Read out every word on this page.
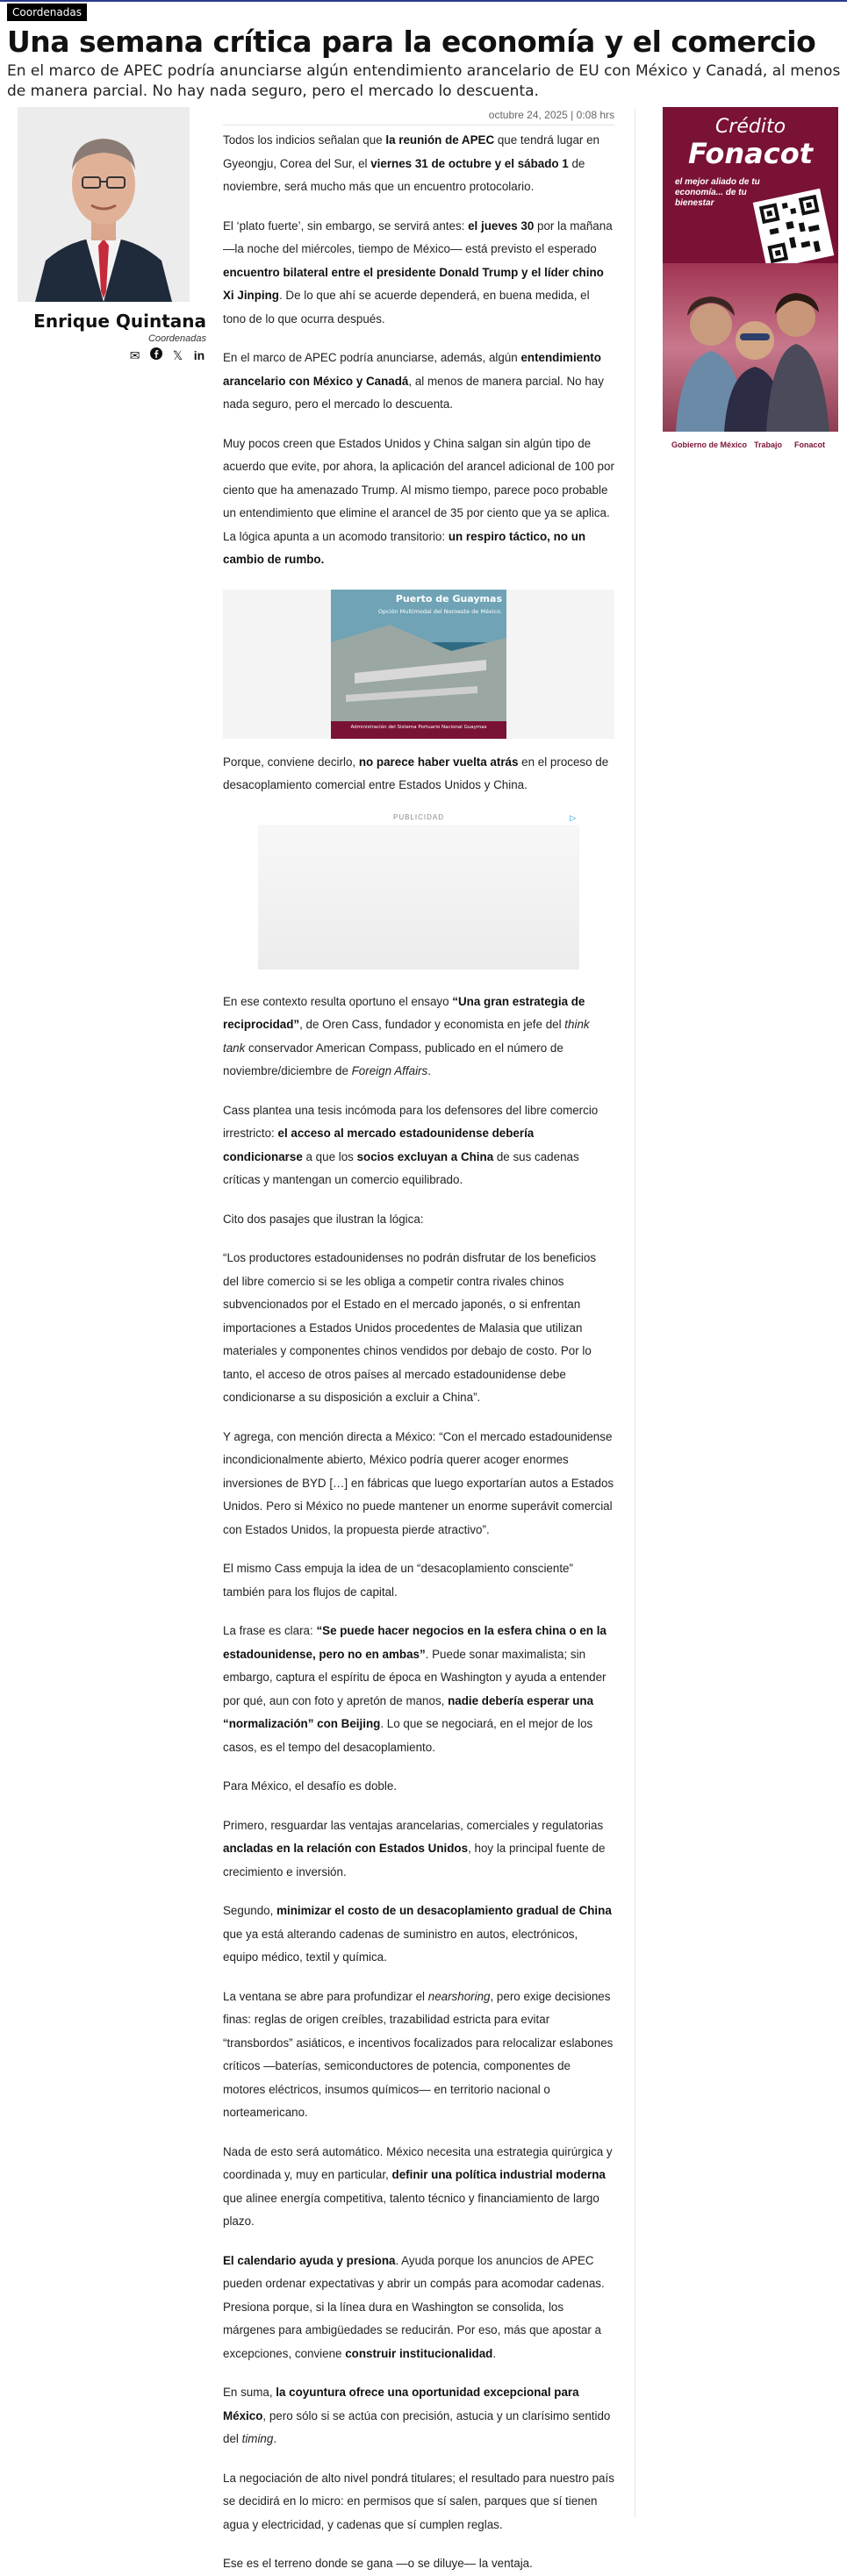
Coordenadas
Una semana crítica para la economía y el comercio

En el marco de APEC podría anunciarse algún entendimiento arancelario de EU con México y Canadá, al menos de manera parcial. No hay nada seguro, pero el mercado lo descuenta.

Enrique Quintana
Coordenadas
✉	𝕏 in
octubre 24, 2025 | 0:08 hrs

Todos los indicios señalan que la reunión de APEC que tendrá lugar en Gyeongju, Corea del Sur, el viernes 31 de octubre y el sábado 1 de noviembre, será mucho más que un encuentro protocolario.

El ‘plato fuerte’, sin embargo, se servirá antes: el jueves 30 por la mañana —la noche del miércoles, tiempo de México— está previsto el esperado encuentro bilateral entre el presidente Donald Trump y el líder chino Xi Jinping. De lo que ahí se acuerde dependerá, en buena medida, el tono de lo que ocurra después.

En el marco de APEC podría anunciarse, además, algún entendimiento arancelario con México y Canadá, al menos de manera parcial. No hay nada seguro, pero el mercado lo descuenta.

Muy pocos creen que Estados Unidos y China salgan sin algún tipo de acuerdo que evite, por ahora, la aplicación del arancel adicional de 100 por ciento que ha amenazado Trump. Al mismo tiempo, parece poco probable un entendimiento que elimine el arancel de 35 por ciento que ya se aplica. La lógica apunta a un acomodo transitorio: un respiro táctico, no un cambio de rumbo.

Puerto de Guaymas
Opción Multimodal del Noroeste de México.
Administración del Sistema Portuario Nacional Guaymas

Porque, conviene decirlo, no parece haber vuelta atrás en el proceso de desacoplamiento comercial entre Estados Unidos y China.

PUBLICIDAD	▷

En ese contexto resulta oportuno el ensayo “Una gran estrategia de reciprocidad”, de Oren Cass, fundador y economista en jefe del think tank conservador American Compass, publicado en el número de noviembre/diciembre de Foreign Affairs.

Cass plantea una tesis incómoda para los defensores del libre comercio irrestricto: el acceso al mercado estadounidense debería condicionarse a que los socios excluyan a China de sus cadenas críticas y mantengan un comercio equilibrado.

Cito dos pasajes que ilustran la lógica:

“Los productores estadounidenses no podrán disfrutar de los beneficios del libre comercio si se les obliga a competir contra rivales chinos subvencionados por el Estado en el mercado japonés, o si enfrentan importaciones a Estados Unidos procedentes de Malasia que utilizan materiales y componentes chinos vendidos por debajo de costo. Por lo tanto, el acceso de otros países al mercado estadounidense debe condicionarse a su disposición a excluir a China”.

Y agrega, con mención directa a México: “Con el mercado estadounidense incondicionalmente abierto, México podría querer acoger enormes inversiones de BYD […] en fábricas que luego exportarían autos a Estados Unidos. Pero si México no puede mantener un enorme superávit comercial con Estados Unidos, la propuesta pierde atractivo”.

El mismo Cass empuja la idea de un “desacoplamiento consciente” también para los flujos de capital.

La frase es clara: “Se puede hacer negocios en la esfera china o en la estadounidense, pero no en ambas”. Puede sonar maximalista; sin embargo, captura el espíritu de época en Washington y ayuda a entender por qué, aun con foto y apretón de manos, nadie debería esperar una “normalización” con Beijing. Lo que se negociará, en el mejor de los casos, es el tempo del desacoplamiento.

Para México, el desafío es doble.

Primero, resguardar las ventajas arancelarias, comerciales y regulatorias ancladas en la relación con Estados Unidos, hoy la principal fuente de crecimiento e inversión.

Segundo, minimizar el costo de un desacoplamiento gradual de China que ya está alterando cadenas de suministro en autos, electrónicos, equipo médico, textil y química.

La ventana se abre para profundizar el nearshoring, pero exige decisiones finas: reglas de origen creíbles, trazabilidad estricta para evitar “transbordos” asiáticos, e incentivos focalizados para relocalizar eslabones críticos —baterías, semiconductores de potencia, componentes de motores eléctricos, insumos químicos— en territorio nacional o norteamericano.

Nada de esto será automático. México necesita una estrategia quirúrgica y coordinada y, muy en particular, definir una política industrial moderna que alinee energía competitiva, talento técnico y financiamiento de largo plazo.

El calendario ayuda y presiona. Ayuda porque los anuncios de APEC pueden ordenar expectativas y abrir un compás para acomodar cadenas. Presiona porque, si la línea dura en Washington se consolida, los márgenes para ambigüedades se reducirán. Por eso, más que apostar a excepciones, conviene construir institucionalidad.

En suma, la coyuntura ofrece una oportunidad excepcional para México, pero sólo si se actúa con precisión, astucia y un clarísimo sentido del timing.

La negociación de alto nivel pondrá titulares; el resultado para nuestro país se decidirá en lo micro: en permisos que sí salen, parques que sí tienen agua y electricidad, y cadenas que sí cumplen reglas.

Ese es el terreno donde se gana —o se diluye— la ventaja.

Crédito
Fonacot
el mejor aliado de tu economía... de tu bienestar
Gobierno de México Trabajo Fonacot
